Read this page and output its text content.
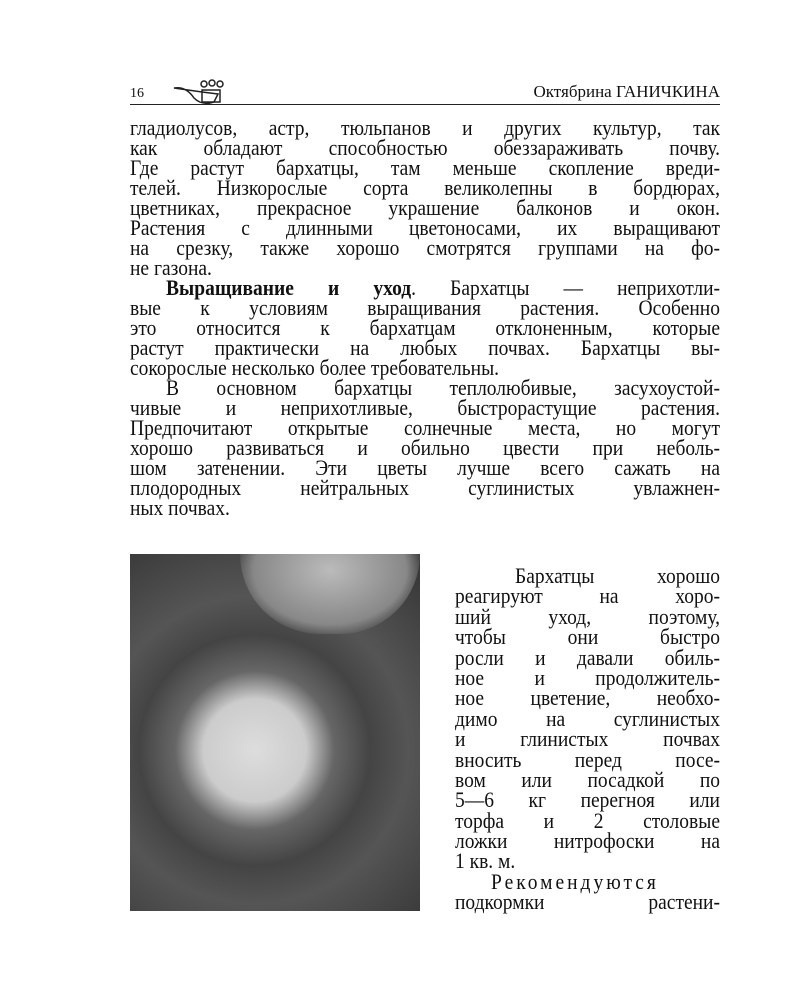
16	Октябрина ГАНИЧКИНА
гладиолусов, астр, тюльпанов и других культур, так
как обладают способностью обеззараживать почву.
Где растут бархатцы, там меньше скопление вреди-
телей. Низкорослые сорта великолепны в бордюрах,
цветниках, прекрасное украшение балконов и окон.
Растения с длинными цветоносами, их выращивают
на срезку, также хорошо смотрятся группами на фо-
не газона.
Выращивание и уход. Бархатцы — неприхотли-
вые к условиям выращивания растения. Особенно
это относится к бархатцам отклоненным, которые
растут практически на любых почвах. Бархатцы вы-
сокорослые несколько более требовательны.
В основном бархатцы теплолюбивые, засухоустой-
чивые и неприхотливые, быстрорастущие растения.
Предпочитают открытые солнечные места, но могут
хорошо развиваться и обильно цвести при неболь-
шом затенении. Эти цветы лучше всего сажать на
плодородных нейтральных суглинистых увлажнен-
ных почвах.
Бархатцы хорошо
реагируют на хоро-
ший уход, поэтому,
чтобы они быстро
росли и давали обиль-
ное и продолжитель-
ное цветение, необхо-
димо на суглинистых
и глинистых почвах
вносить перед посе-
вом или посадкой по
5—6 кг перегноя или
торфа и 2 столовые
ложки нитрофоски на
1 кв. м.
Рекомендуются
подкормки растени-
